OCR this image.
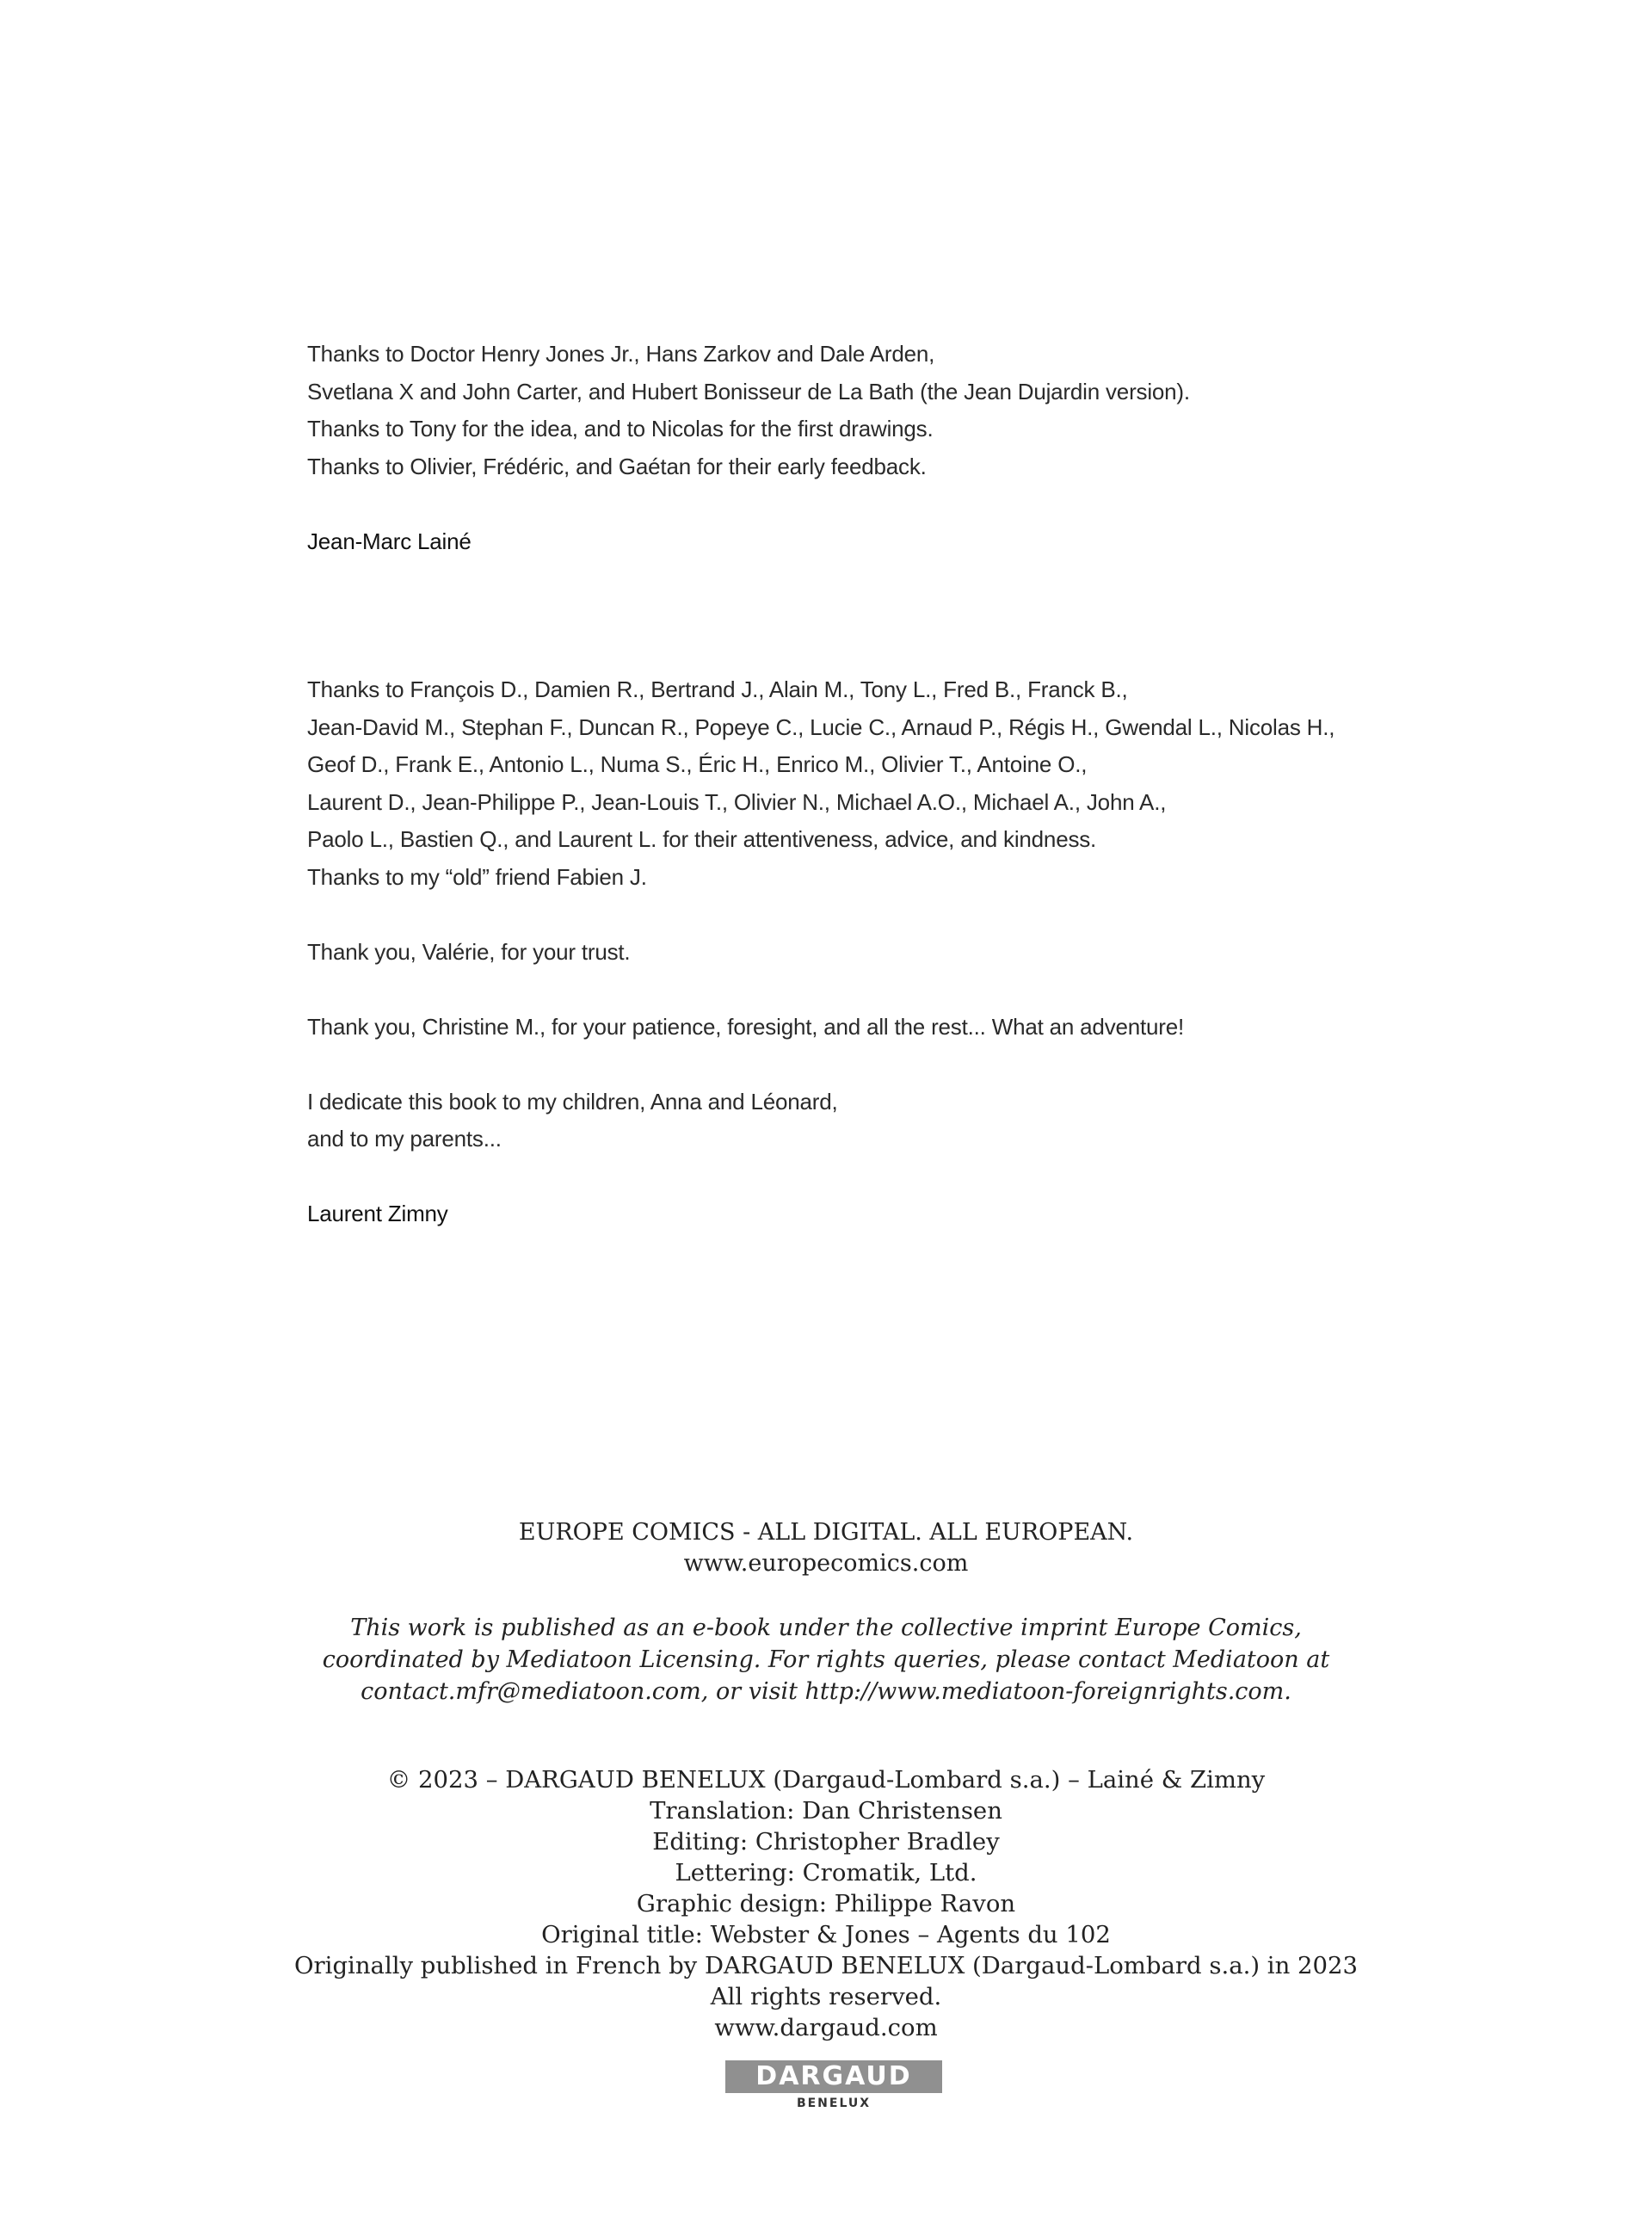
Thanks to Doctor Henry Jones Jr., Hans Zarkov and Dale Arden,

Svetlana X and John Carter, and Hubert Bonisseur de La Bath (the Jean Dujardin version).

Thanks to Tony for the idea, and to Nicolas for the first drawings.

Thanks to Olivier, Frédéric, and Gaétan for their early feedback.

Jean-Marc Lainé

Thanks to François D., Damien R., Bertrand J., Alain M., Tony L., Fred B., Franck B.,

Jean-David M., Stephan F., Duncan R., Popeye C., Lucie C., Arnaud P., Régis H., Gwendal L., Nicolas H.,

Geof D., Frank E., Antonio L., Numa S., Éric H., Enrico M., Olivier T., Antoine O.,

Laurent D., Jean-Philippe P., Jean-Louis T., Olivier N., Michael A.O., Michael A., John A.,

Paolo L., Bastien Q., and Laurent L. for their attentiveness, advice, and kindness.

Thanks to my “old” friend Fabien J.

Thank you, Valérie, for your trust.

Thank you, Christine M., for your patience, foresight, and all the rest... What an adventure!

I dedicate this book to my children, Anna and Léonard,

and to my parents...

Laurent Zimny

EUROPE COMICS - ALL DIGITAL. ALL EUROPEAN.

www.europecomics.com

This work is published as an e-book under the collective imprint Europe Comics,

coordinated by Mediatoon Licensing. For rights queries, please contact Mediatoon at

contact.mfr@mediatoon.com, or visit http://www.mediatoon-foreignrights.com.

© 2023 – DARGAUD BENELUX (Dargaud-Lombard s.a.) – Lainé & Zimny

Translation: Dan Christensen

Editing: Christopher Bradley

Lettering: Cromatik, Ltd.

Graphic design: Philippe Ravon

Original title: Webster & Jones – Agents du 102

Originally published in French by DARGAUD BENELUX (Dargaud-Lombard s.a.) in 2023

All rights reserved.

www.dargaud.com

DARGAUD
BENELUX
